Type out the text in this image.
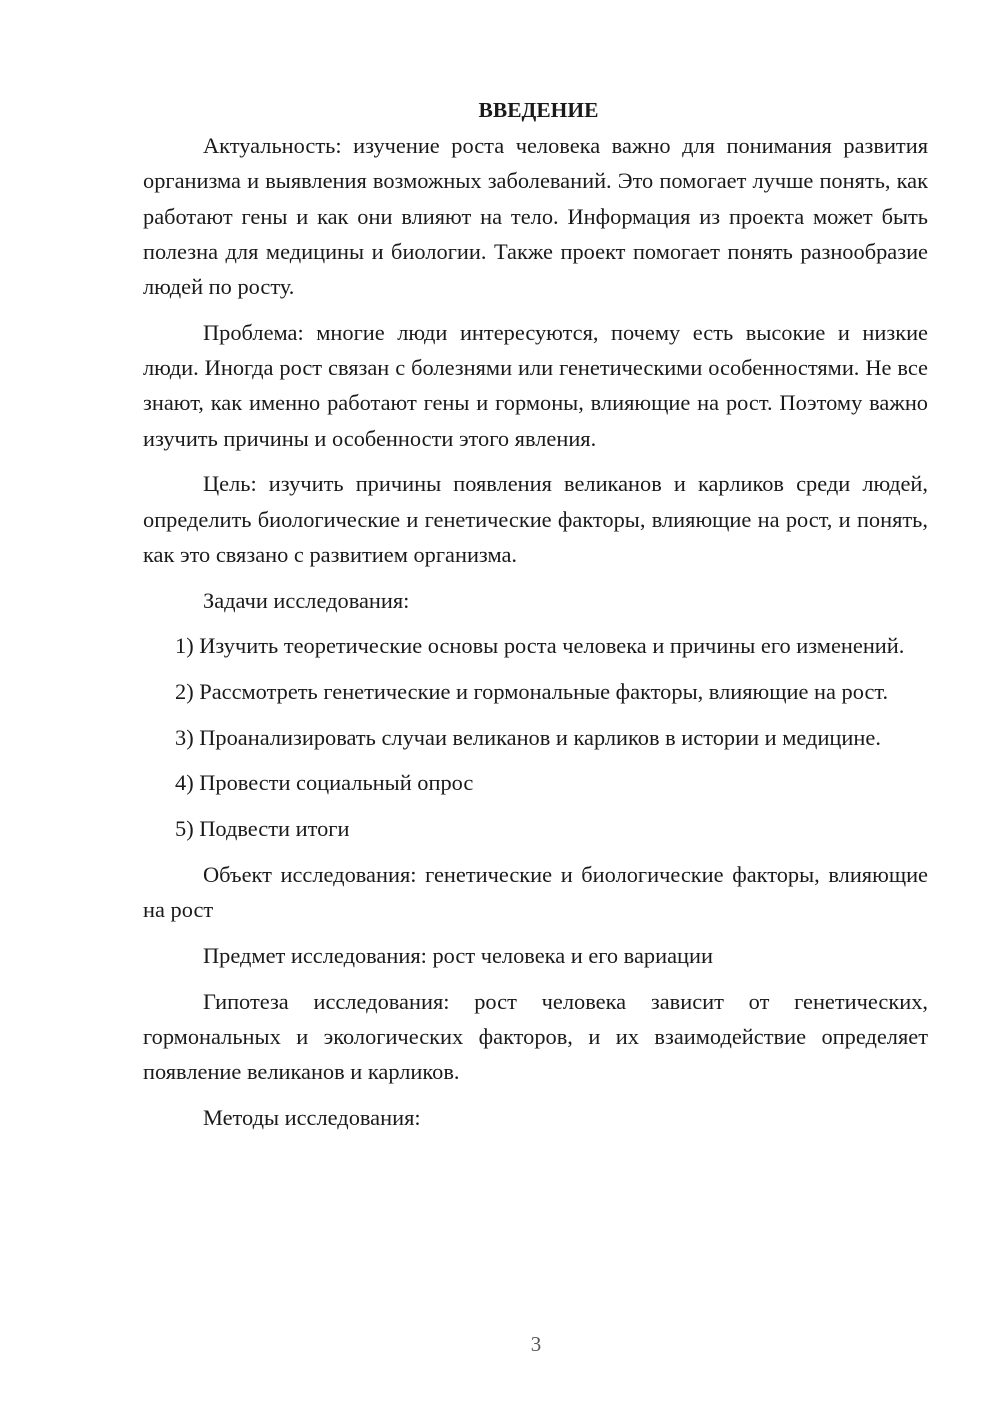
ВВЕДЕНИЕ

Актуальность: изучение роста человека важно для понимания развития организма и выявления возможных заболеваний. Это помогает лучше понять, как работают гены и как они влияют на тело. Информация из проекта может быть полезна для медицины и биологии. Также проект помогает понять разнообразие людей по росту.

Проблема: многие люди интересуются, почему есть высокие и низкие люди. Иногда рост связан с болезнями или генетическими особенностями. Не все знают, как именно работают гены и гормоны, влияющие на рост. Поэтому важно изучить причины и особенности этого явления.

Цель: изучить причины появления великанов и карликов среди людей, определить биологические и генетические факторы, влияющие на рост, и понять, как это связано с развитием организма.

Задачи исследования:

1) Изучить теоретические основы роста человека и причины его изменений.

2) Рассмотреть генетические и гормональные факторы, влияющие на рост.

3) Проанализировать случаи великанов и карликов в истории и медицине.

4) Провести социальный опрос

5) Подвести итоги

Объект исследования: генетические и биологические факторы, влияющие на рост

Предмет исследования: рост человека и его вариации

Гипотеза исследования: рост человека зависит от генетических, гормональных и экологических факторов, и их взаимодействие определяет появление великанов и карликов.

Методы исследования:

3
